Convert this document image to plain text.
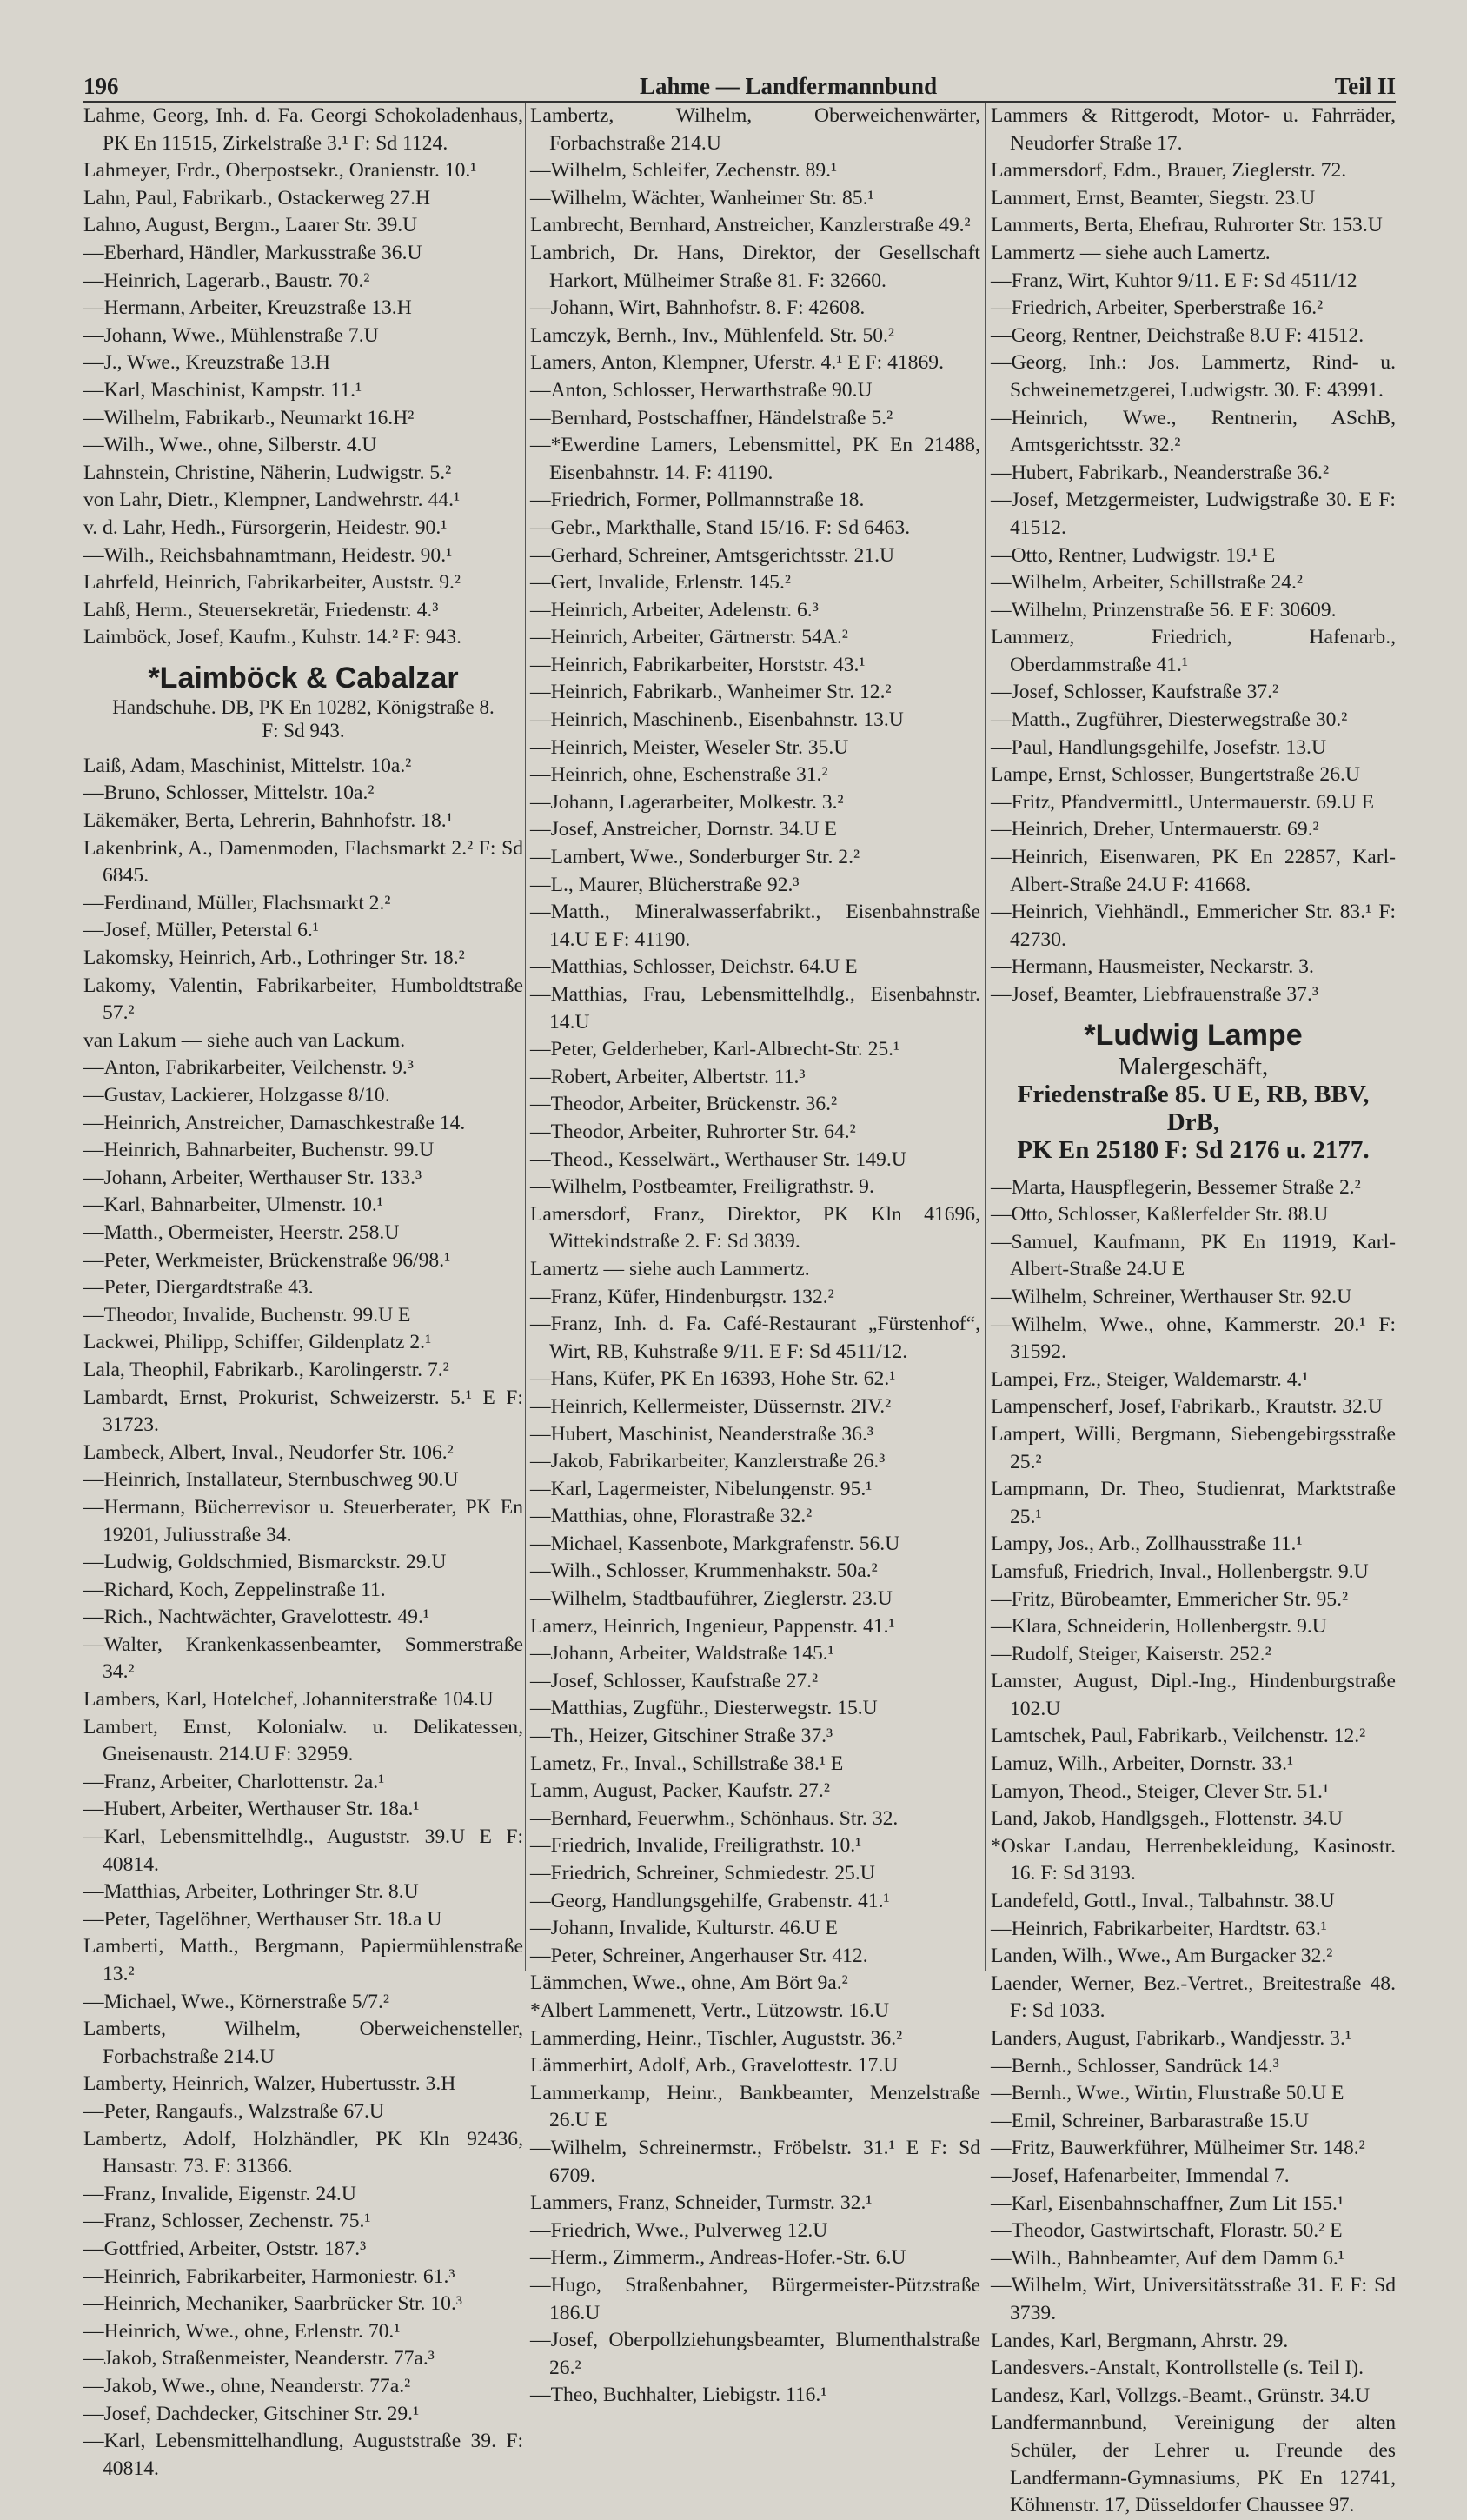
196	Lahme — Landfermannbund	Teil II
Lahme, Georg, Inh. d. Fa. Georgi Schokoladenhaus, PK En 11515, Zirkelstraße 3.¹ F: Sd 1124.
Lahmeyer, Frdr., Oberpostsekr., Oranienstr. 10.¹
Lahn, Paul, Fabrikarb., Ostackerweg 27.H
Lahno, August, Bergm., Laarer Str. 39.U
—Eberhard, Händler, Markusstraße 36.U
—Heinrich, Lagerarb., Baustr. 70.²
—Hermann, Arbeiter, Kreuzstraße 13.H
—Johann, Wwe., Mühlenstraße 7.U
—J., Wwe., Kreuzstraße 13.H
—Karl, Maschinist, Kampstr. 11.¹
—Wilhelm, Fabrikarb., Neumarkt 16.H²
—Wilh., Wwe., ohne, Silberstr. 4.U
Lahnstein, Christine, Näherin, Ludwigstr. 5.²
von Lahr, Dietr., Klempner, Landwehrstr. 44.¹
v. d. Lahr, Hedh., Fürsorgerin, Heidestr. 90.¹
—Wilh., Reichsbahnamtmann, Heidestr. 90.¹
Lahrfeld, Heinrich, Fabrikarbeiter, Auststr. 9.²
Lahß, Herm., Steuersekretär, Friedenstr. 4.³
Laimböck, Josef, Kaufm., Kuhstr. 14.² F: 943.
*Laimböck & Cabalzar
Handschuhe. DB, PK En 10282, Königstraße 8.
F: Sd 943.
Laiß, Adam, Maschinist, Mittelstr. 10a.²
—Bruno, Schlosser, Mittelstr. 10a.²
Läkemäker, Berta, Lehrerin, Bahnhofstr. 18.¹
Lakenbrink, A., Damenmoden, Flachsmarkt 2.² F: Sd 6845.
—Ferdinand, Müller, Flachsmarkt 2.²
—Josef, Müller, Peterstal 6.¹
Lakomsky, Heinrich, Arb., Lothringer Str. 18.²
Lakomy, Valentin, Fabrikarbeiter, Humboldtstraße 57.²
van Lakum — siehe auch van Lackum.
—Anton, Fabrikarbeiter, Veilchenstr. 9.³
—Gustav, Lackierer, Holzgasse 8/10.
—Heinrich, Anstreicher, Damaschkestraße 14.
—Heinrich, Bahnarbeiter, Buchenstr. 99.U
—Johann, Arbeiter, Werthauser Str. 133.³
—Karl, Bahnarbeiter, Ulmenstr. 10.¹
—Matth., Obermeister, Heerstr. 258.U
—Peter, Werkmeister, Brückenstraße 96/98.¹
—Peter, Diergardtstraße 43.
—Theodor, Invalide, Buchenstr. 99.U E
Lackwei, Philipp, Schiffer, Gildenplatz 2.¹
Lala, Theophil, Fabrikarb., Karolingerstr. 7.²
Lambardt, Ernst, Prokurist, Schweizerstr. 5.¹ E F: 31723.
Lambeck, Albert, Inval., Neudorfer Str. 106.²
—Heinrich, Installateur, Sternbuschweg 90.U
—Hermann, Bücherrevisor u. Steuerberater, PK En 19201, Juliusstraße 34.
—Ludwig, Goldschmied, Bismarckstr. 29.U
—Richard, Koch, Zeppelinstraße 11.
—Rich., Nachtwächter, Gravelottestr. 49.¹
—Walter, Krankenkassenbeamter, Sommerstraße 34.²
Lambers, Karl, Hotelchef, Johanniterstraße 104.U
Lambert, Ernst, Kolonialw. u. Delikatessen, Gneisenaustr. 214.U F: 32959.
—Franz, Arbeiter, Charlottenstr. 2a.¹
—Hubert, Arbeiter, Werthauser Str. 18a.¹
—Karl, Lebensmittelhdlg., Auguststr. 39.U E F: 40814.
—Matthias, Arbeiter, Lothringer Str. 8.U
—Peter, Tagelöhner, Werthauser Str. 18.a U
Lamberti, Matth., Bergmann, Papiermühlenstraße 13.²
—Michael, Wwe., Körnerstraße 5/7.²
Lamberts, Wilhelm, Oberweichensteller, Forbachstraße 214.U
Lamberty, Heinrich, Walzer, Hubertusstr. 3.H
—Peter, Rangaufs., Walzstraße 67.U
Lambertz, Adolf, Holzhändler, PK Kln 92436, Hansastr. 73. F: 31366.
—Franz, Invalide, Eigenstr. 24.U
—Franz, Schlosser, Zechenstr. 75.¹
—Gottfried, Arbeiter, Oststr. 187.³
—Heinrich, Fabrikarbeiter, Harmoniestr. 61.³
—Heinrich, Mechaniker, Saarbrücker Str. 10.³
—Heinrich, Wwe., ohne, Erlenstr. 70.¹
—Jakob, Straßenmeister, Neanderstr. 77a.³
—Jakob, Wwe., ohne, Neanderstr. 77a.²
—Josef, Dachdecker, Gitschiner Str. 29.¹
—Karl, Lebensmittelhandlung, Auguststraße 39. F: 40814.
Lambertz, Wilhelm, Oberweichenwärter, Forbachstraße 214.U
—Wilhelm, Schleifer, Zechenstr. 89.¹
—Wilhelm, Wächter, Wanheimer Str. 85.¹
Lambrecht, Bernhard, Anstreicher, Kanzlerstraße 49.²
Lambrich, Dr. Hans, Direktor, der Gesellschaft Harkort, Mülheimer Straße 81. F: 32660.
—Johann, Wirt, Bahnhofstr. 8. F: 42608.
Lamczyk, Bernh., Inv., Mühlenfeld. Str. 50.²
Lamers, Anton, Klempner, Uferstr. 4.¹ E F: 41869.
—Anton, Schlosser, Herwarthstraße 90.U
—Bernhard, Postschaffner, Händelstraße 5.²
—*Ewerdine Lamers, Lebensmittel, PK En 21488, Eisenbahnstr. 14. F: 41190.
—Friedrich, Former, Pollmannstraße 18.
—Gebr., Markthalle, Stand 15/16. F: Sd 6463.
—Gerhard, Schreiner, Amtsgerichtsstr. 21.U
—Gert, Invalide, Erlenstr. 145.²
—Heinrich, Arbeiter, Adelenstr. 6.³
—Heinrich, Arbeiter, Gärtnerstr. 54A.²
—Heinrich, Fabrikarbeiter, Horststr. 43.¹
—Heinrich, Fabrikarb., Wanheimer Str. 12.²
—Heinrich, Maschinenb., Eisenbahnstr. 13.U
—Heinrich, Meister, Weseler Str. 35.U
—Heinrich, ohne, Eschenstraße 31.²
—Johann, Lagerarbeiter, Molkestr. 3.²
—Josef, Anstreicher, Dornstr. 34.U E
—Lambert, Wwe., Sonderburger Str. 2.²
—L., Maurer, Blücherstraße 92.³
—Matth., Mineralwasserfabrikt., Eisenbahnstraße 14.U E F: 41190.
—Matthias, Schlosser, Deichstr. 64.U E
—Matthias, Frau, Lebensmittelhdlg., Eisenbahnstr. 14.U
—Peter, Gelderheber, Karl-Albrecht-Str. 25.¹
—Robert, Arbeiter, Albertstr. 11.³
—Theodor, Arbeiter, Brückenstr. 36.²
—Theodor, Arbeiter, Ruhrorter Str. 64.²
—Theod., Kesselwärt., Werthauser Str. 149.U
—Wilhelm, Postbeamter, Freiligrathstr. 9.
Lamersdorf, Franz, Direktor, PK Kln 41696, Wittekindstraße 2. F: Sd 3839.
Lamertz — siehe auch Lammertz.
—Franz, Küfer, Hindenburgstr. 132.²
—Franz, Inh. d. Fa. Café-Restaurant „Fürstenhof“, Wirt, RB, Kuhstraße 9/11. E F: Sd 4511/12.
—Hans, Küfer, PK En 16393, Hohe Str. 62.¹
—Heinrich, Kellermeister, Düssernstr. 2IV.²
—Hubert, Maschinist, Neanderstraße 36.³
—Jakob, Fabrikarbeiter, Kanzlerstraße 26.³
—Karl, Lagermeister, Nibelungenstr. 95.¹
—Matthias, ohne, Florastraße 32.²
—Michael, Kassenbote, Markgrafenstr. 56.U
—Wilh., Schlosser, Krummenhakstr. 50a.²
—Wilhelm, Stadtbauführer, Zieglerstr. 23.U
Lamerz, Heinrich, Ingenieur, Pappenstr. 41.¹
—Johann, Arbeiter, Waldstraße 145.¹
—Josef, Schlosser, Kaufstraße 27.²
—Matthias, Zugführ., Diesterwegstr. 15.U
—Th., Heizer, Gitschiner Straße 37.³
Lametz, Fr., Inval., Schillstraße 38.¹ E
Lamm, August, Packer, Kaufstr. 27.²
—Bernhard, Feuerwhm., Schönhaus. Str. 32.
—Friedrich, Invalide, Freiligrathstr. 10.¹
—Friedrich, Schreiner, Schmiedestr. 25.U
—Georg, Handlungsgehilfe, Grabenstr. 41.¹
—Johann, Invalide, Kulturstr. 46.U E
—Peter, Schreiner, Angerhauser Str. 412.
Lämmchen, Wwe., ohne, Am Bört 9a.²
*Albert Lammenett, Vertr., Lützowstr. 16.U
Lammerding, Heinr., Tischler, Auguststr. 36.²
Lämmerhirt, Adolf, Arb., Gravelottestr. 17.U
Lammerkamp, Heinr., Bankbeamter, Menzelstraße 26.U E
—Wilhelm, Schreinermstr., Fröbelstr. 31.¹ E F: Sd 6709.
Lammers, Franz, Schneider, Turmstr. 32.¹
—Friedrich, Wwe., Pulverweg 12.U
—Herm., Zimmerm., Andreas-Hofer.-Str. 6.U
—Hugo, Straßenbahner, Bürgermeister-Pützstraße 186.U
—Josef, Oberpollziehungsbeamter, Blumenthalstraße 26.²
—Theo, Buchhalter, Liebigstr. 116.¹
Lammers & Rittgerodt, Motor- u. Fahrräder, Neudorfer Straße 17.
Lammersdorf, Edm., Brauer, Zieglerstr. 72.
Lammert, Ernst, Beamter, Siegstr. 23.U
Lammerts, Berta, Ehefrau, Ruhrorter Str. 153.U
Lammertz — siehe auch Lamertz.
—Franz, Wirt, Kuhtor 9/11. E F: Sd 4511/12
—Friedrich, Arbeiter, Sperberstraße 16.²
—Georg, Rentner, Deichstraße 8.U F: 41512.
—Georg, Inh.: Jos. Lammertz, Rind- u. Schweinemetzgerei, Ludwigstr. 30. F: 43991.
—Heinrich, Wwe., Rentnerin, ASchB, Amtsgerichtsstr. 32.²
—Hubert, Fabrikarb., Neanderstraße 36.²
—Josef, Metzgermeister, Ludwigstraße 30. E F: 41512.
—Otto, Rentner, Ludwigstr. 19.¹ E
—Wilhelm, Arbeiter, Schillstraße 24.²
—Wilhelm, Prinzenstraße 56. E F: 30609.
Lammerz, Friedrich, Hafenarb., Oberdammstraße 41.¹
—Josef, Schlosser, Kaufstraße 37.²
—Matth., Zugführer, Diesterwegstraße 30.²
—Paul, Handlungsgehilfe, Josefstr. 13.U
Lampe, Ernst, Schlosser, Bungertstraße 26.U
—Fritz, Pfandvermittl., Untermauerstr. 69.U E
—Heinrich, Dreher, Untermauerstr. 69.²
—Heinrich, Eisenwaren, PK En 22857, Karl-Albert-Straße 24.U F: 41668.
—Heinrich, Viehhändl., Emmericher Str. 83.¹ F: 42730.
—Hermann, Hausmeister, Neckarstr. 3.
—Josef, Beamter, Liebfrauenstraße 37.³
*Ludwig Lampe
Malergeschäft,
Friedenstraße 85. U E, RB, BBV, DrB,
PK En 25180 F: Sd 2176 u. 2177.
—Marta, Hauspflegerin, Bessemer Straße 2.²
—Otto, Schlosser, Kaßlerfelder Str. 88.U
—Samuel, Kaufmann, PK En 11919, Karl-Albert-Straße 24.U E
—Wilhelm, Schreiner, Werthauser Str. 92.U
—Wilhelm, Wwe., ohne, Kammerstr. 20.¹ F: 31592.
Lampei, Frz., Steiger, Waldemarstr. 4.¹
Lampenscherf, Josef, Fabrikarb., Krautstr. 32.U
Lampert, Willi, Bergmann, Siebengebirgsstraße 25.²
Lampmann, Dr. Theo, Studienrat, Marktstraße 25.¹
Lampy, Jos., Arb., Zollhausstraße 11.¹
Lamsfuß, Friedrich, Inval., Hollenbergstr. 9.U
—Fritz, Bürobeamter, Emmericher Str. 95.²
—Klara, Schneiderin, Hollenbergstr. 9.U
—Rudolf, Steiger, Kaiserstr. 252.²
Lamster, August, Dipl.-Ing., Hindenburgstraße 102.U
Lamtschek, Paul, Fabrikarb., Veilchenstr. 12.²
Lamuz, Wilh., Arbeiter, Dornstr. 33.¹
Lamyon, Theod., Steiger, Clever Str. 51.¹
Land, Jakob, Handlgsgeh., Flottenstr. 34.U
*Oskar Landau, Herrenbekleidung, Kasinostr. 16. F: Sd 3193.
Landefeld, Gottl., Inval., Talbahnstr. 38.U
—Heinrich, Fabrikarbeiter, Hardtstr. 63.¹
Landen, Wilh., Wwe., Am Burgacker 32.²
Laender, Werner, Bez.-Vertret., Breitestraße 48. F: Sd 1033.
Landers, August, Fabrikarb., Wandjesstr. 3.¹
—Bernh., Schlosser, Sandrück 14.³
—Bernh., Wwe., Wirtin, Flurstraße 50.U E
—Emil, Schreiner, Barbarastraße 15.U
—Fritz, Bauwerkführer, Mülheimer Str. 148.²
—Josef, Hafenarbeiter, Immendal 7.
—Karl, Eisenbahnschaffner, Zum Lit 155.¹
—Theodor, Gastwirtschaft, Florastr. 50.² E
—Wilh., Bahnbeamter, Auf dem Damm 6.¹
—Wilhelm, Wirt, Universitätsstraße 31. E F: Sd 3739.
Landes, Karl, Bergmann, Ahrstr. 29.
Landesvers.-Anstalt, Kontrollstelle (s. Teil I).
Landesz, Karl, Vollzgs.-Beamt., Grünstr. 34.U
Landfermannbund, Vereinigung der alten Schüler, der Lehrer u. Freunde des Landfermann-Gymnasiums, PK En 12741, Köhnenstr. 17, Düsseldorfer Chaussee 97.
